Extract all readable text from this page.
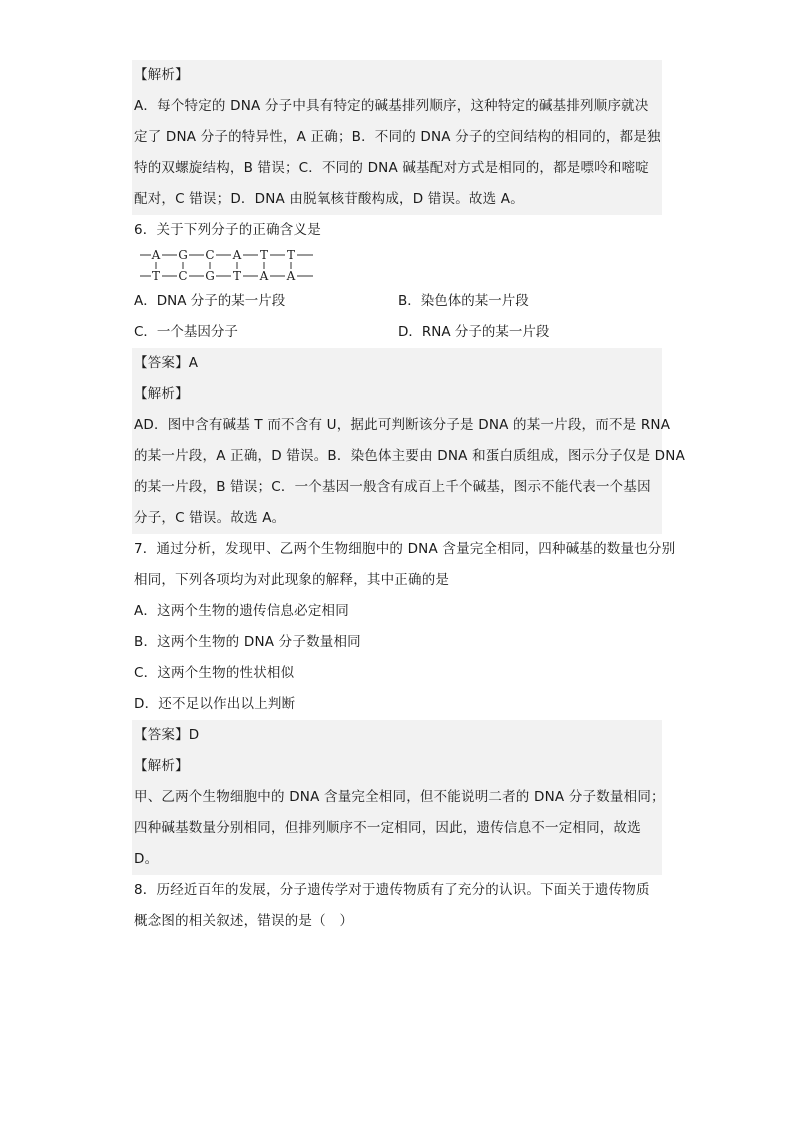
【解析】
A．每个特定的 DNA 分子中具有特定的碱基排列顺序，这种特定的碱基排列顺序就决
定了 DNA 分子的特异性，A 正确；B．不同的 DNA 分子的空间结构的相同的，都是独
特的双螺旋结构，B 错误；C．不同的 DNA 碱基配对方式是相同的，都是嘌呤和嘧啶
配对，C 错误；D．DNA 由脱氧核苷酸构成，D 错误。故选 A。
6．关于下列分子的正确含义是
A G C A T T
T C G T A A
A．DNA 分子的某一片段	B．染色体的某一片段
C．一个基因分子	D．RNA 分子的某一片段
【答案】A
【解析】
AD．图中含有碱基 T 而不含有 U，据此可判断该分子是 DNA 的某一片段，而不是 RNA
的某一片段，A 正确，D 错误。B．染色体主要由 DNA 和蛋白质组成，图示分子仅是 DNA
的某一片段，B 错误；C．一个基因一般含有成百上千个碱基，图示不能代表一个基因
分子，C 错误。故选 A。
7．通过分析，发现甲、乙两个生物细胞中的 DNA 含量完全相同，四种碱基的数量也分别
相同，下列各项均为对此现象的解释，其中正确的是
A．这两个生物的遗传信息必定相同
B．这两个生物的 DNA 分子数量相同
C．这两个生物的性状相似
D．还不足以作出以上判断
【答案】D
【解析】
甲、乙两个生物细胞中的 DNA 含量完全相同，但不能说明二者的 DNA 分子数量相同；
四种碱基数量分别相同，但排列顺序不一定相同，因此，遗传信息不一定相同，故选
D。
8．历经近百年的发展，分子遗传学对于遗传物质有了充分的认识。下面关于遗传物质
概念图的相关叙述，错误的是（　）
